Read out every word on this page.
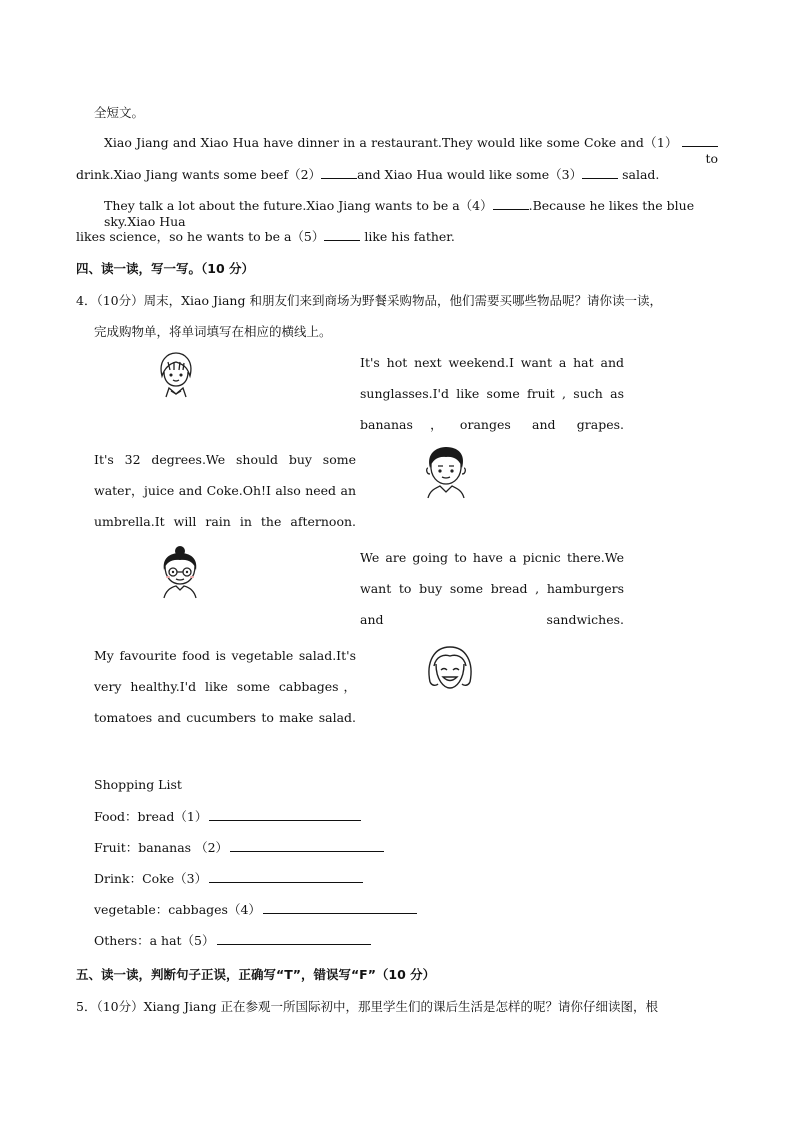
全短文。
Xiao Jiang and Xiao Hua have dinner in a restaurant.They would like some Coke and（1）  to
drink.Xiao Jiang wants some beef（2）	and Xiao Hua would like some（3）	salad.
They talk a lot about the future.Xiao Jiang wants to be a（4）	.Because he likes the blue sky.Xiao Hua
likes science，so he wants to be a（5）	like his father.
四、读一读，写一写。（10 分）
4．（10分）周末，Xiao Jiang 和朋友们来到商场为野餐采购物品，他们需要买哪些物品呢？请你读一读，
完成购物单，将单词填写在相应的横线上。
It's hot next weekend.I want a hat and sunglasses.I'd like some fruit , such as bananas，oranges and grapes.
It's 32 degrees.We should buy some water，juice and Coke.Oh!I also need an umbrella.It will rain in the afternoon.
We are going to have a picnic there.We want to buy some bread , hamburgers and sandwiches.
My favourite food is vegetable salad.It's very healthy.I'd like some cabbages，tomatoes and cucumbers to make salad.
Shopping List
Food：bread（1）
Fruit：bananas （2）
Drink：Coke（3）
vegetable：cabbages（4）
Others：a hat（5）
五、读一读，判断句子正误，正确写“T”，错误写“F”（10 分）
5．（10分）Xiang Jiang 正在参观一所国际初中，那里学生们的课后生活是怎样的呢？请你仔细读图，根
